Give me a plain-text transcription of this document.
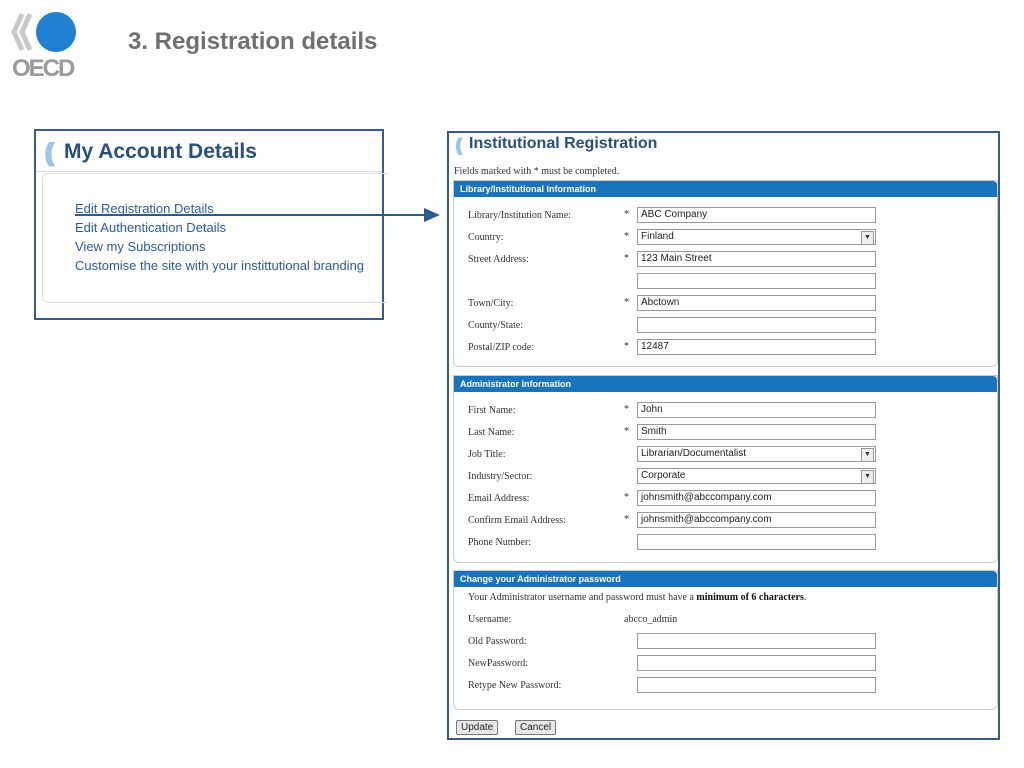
OECD
3. Registration details
(( My Account Details
Edit Registration Details
Edit Authentication Details
View my Subscriptions
Customise the site with your instittutional branding
(( Institutional Registration
Fields marked with * must be completed.
Library/Institutional Information
Library/Institution Name:	*	ABC Company
Country:	*	Finland	▼
Street Address:	*	123 Main Street
Town/City:	*	Abctown
County/State:
Postal/ZIP code:	*	12487
Administrator Information
First Name:	*	John
Last Name:	*	Smith
Job Title:	Librarian/Documentalist	▼
Industry/Sector:	Corporate	▼
Email Address:	*	johnsmith@abccompany.com
Confirm Email Address:	*	johnsmith@abccompany.com
Phone Number:
Change your Administrator password
Your Administrator username and password must have a minimum of 6 characters.
Username:	abcco_admin
Old Password:
NewPassword:
Retype New Password:
Update	Cancel
